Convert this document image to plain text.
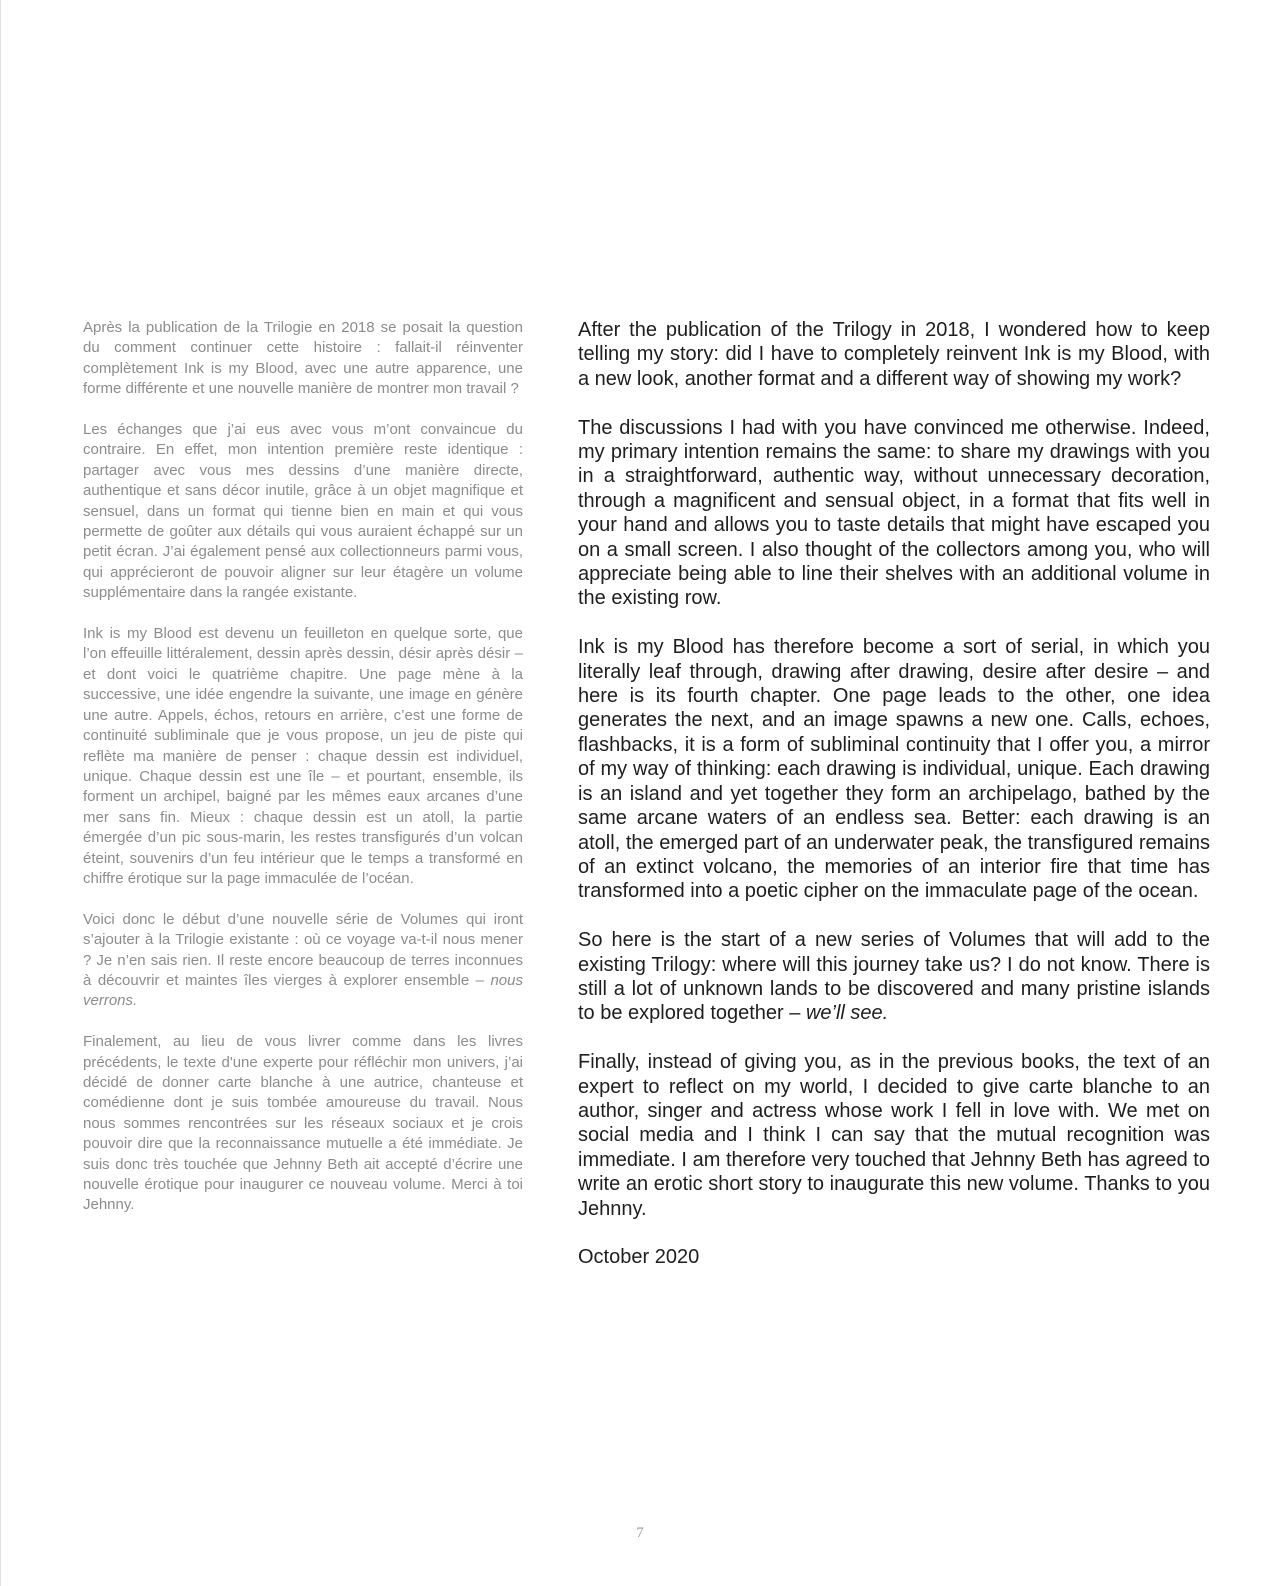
Après la publication de la Trilogie en 2018 se posait la question du comment continuer cette histoire : fallait-il réinventer complètement Ink is my Blood, avec une autre apparence, une forme différente et une nouvelle manière de montrer mon travail ?

Les échanges que j’ai eus avec vous m’ont convaincue du contraire. En effet, mon intention première reste identique : partager avec vous mes dessins d’une manière directe, authentique et sans décor inutile, grâce à un objet magnifique et sensuel, dans un format qui tienne bien en main et qui vous permette de goûter aux détails qui vous auraient échappé sur un petit écran. J’ai également pensé aux collectionneurs parmi vous, qui apprécieront de pouvoir aligner sur leur étagère un volume supplémentaire dans la rangée existante.

Ink is my Blood est devenu un feuilleton en quelque sorte, que l’on effeuille littéralement, dessin après dessin, désir après désir – et dont voici le quatrième chapitre. Une page mène à la successive, une idée engendre la suivante, une image en génère une autre. Appels, échos, retours en arrière, c’est une forme de continuité subliminale que je vous propose, un jeu de piste qui reflète ma manière de penser : chaque dessin est individuel, unique. Chaque dessin est une île – et pourtant, ensemble, ils forment un archipel, baigné par les mêmes eaux arcanes d’une mer sans fin. Mieux : chaque dessin est un atoll, la partie émergée d’un pic sous-marin, les restes transfigurés d’un volcan éteint, souvenirs d’un feu intérieur que le temps a transformé en chiffre érotique sur la page immaculée de l’océan.

Voici donc le début d’une nouvelle série de Volumes qui iront s’ajouter à la Trilogie existante : où ce voyage va-t-il nous mener ? Je n’en sais rien. Il reste encore beaucoup de terres inconnues à découvrir et maintes îles vierges à explorer ensemble – nous verrons.

Finalement, au lieu de vous livrer comme dans les livres précédents, le texte d'une experte pour réfléchir mon univers, j’ai décidé de donner carte blanche à une autrice, chanteuse et comédienne dont je suis tombée amoureuse du travail. Nous nous sommes rencontrées sur les réseaux sociaux et je crois pouvoir dire que la reconnaissance mutuelle a été immédiate. Je suis donc très touchée que Jehnny Beth ait accepté d’écrire une nouvelle érotique pour inaugurer ce nouveau volume. Merci à toi Jehnny.

After the publication of the Trilogy in 2018, I wondered how to keep telling my story: did I have to completely reinvent Ink is my Blood, with a new look, another format and a different way of showing my work?

The discussions I had with you have convinced me otherwise. Indeed, my primary intention remains the same: to share my drawings with you in a straightforward, authentic way, without unnecessary decoration, through a magnificent and sensual object, in a format that fits well in your hand and allows you to taste details that might have escaped you on a small screen. I also thought of the collectors among you, who will appreciate being able to line their shelves with an additional volume in the existing row.

Ink is my Blood has therefore become a sort of serial, in which you literally leaf through, drawing after drawing, desire after desire – and here is its fourth chapter. One page leads to the other, one idea generates the next, and an image spawns a new one. Calls, echoes, flashbacks, it is a form of subliminal continuity that I offer you, a mirror of my way of thinking: each drawing is individual, unique. Each drawing is an island and yet together they form an archipelago, bathed by the same arcane waters of an endless sea. Better: each drawing is an atoll, the emerged part of an underwater peak, the transfigured remains of an extinct volcano, the memories of an interior fire that time has transformed into a poetic cipher on the immaculate page of the ocean.

So here is the start of a new series of Volumes that will add to the existing Trilogy: where will this journey take us? I do not know. There is still a lot of unknown lands to be discovered and many pristine islands to be explored together – we’ll see.

Finally, instead of giving you, as in the previous books, the text of an expert to reflect on my world, I decided to give carte blanche to an author, singer and actress whose work I fell in love with. We met on social media and I think I can say that the mutual recognition was immediate. I am therefore very touched that Jehnny Beth has agreed to write an erotic short story to inaugurate this new volume. Thanks to you Jehnny.

October 2020

7
